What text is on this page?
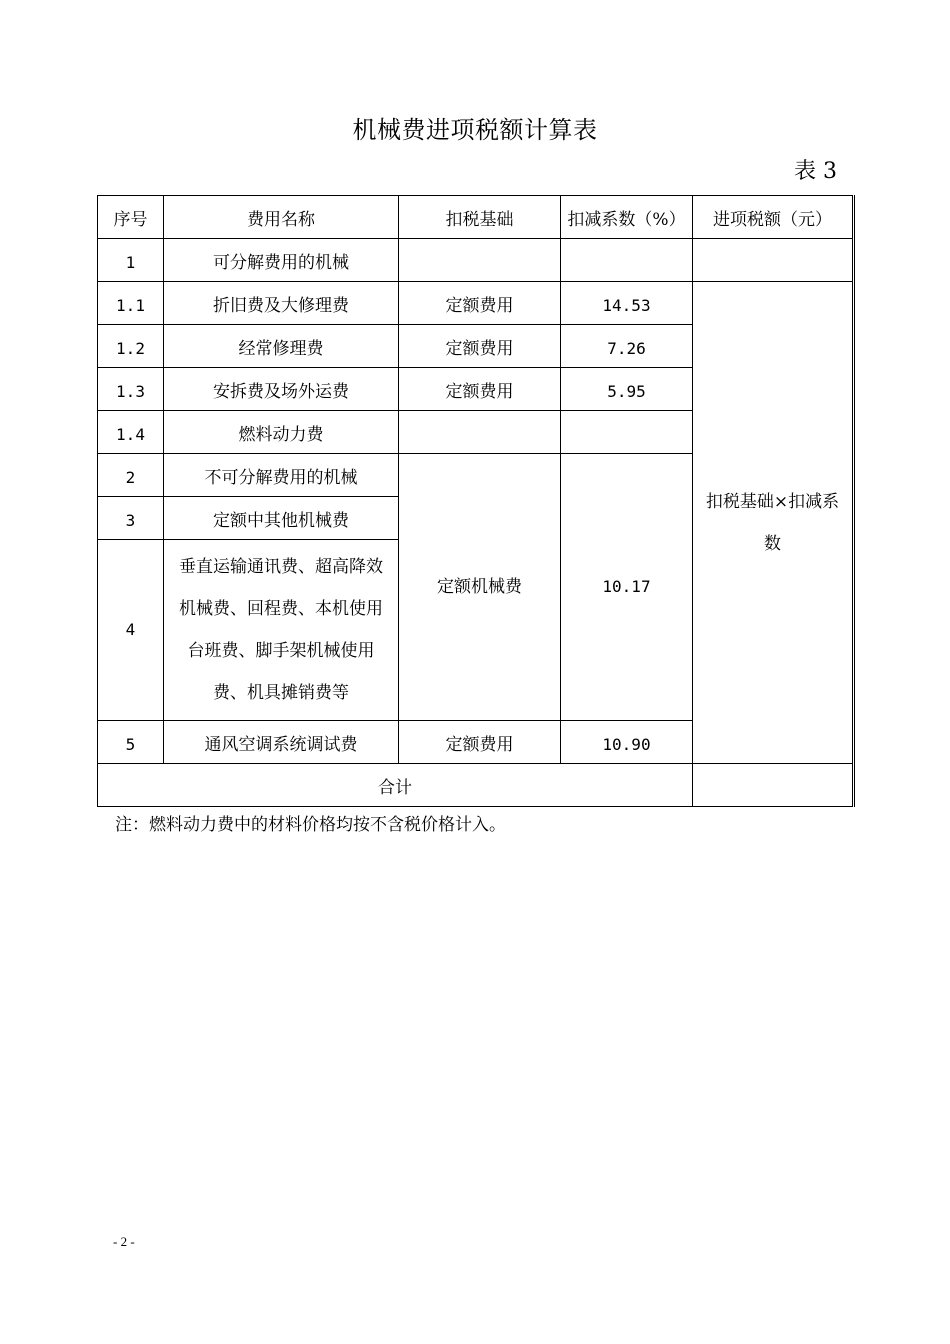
机械费进项税额计算表
表 3
序号	费用名称	扣税基础	扣减系数（%）	进项税额（元）
1	可分解费用的机械			
1.1	折旧费及大修理费	定额费用	14.53	扣税基础×扣减系数
1.2	经常修理费	定额费用	7.26	
1.3	安拆费及场外运费	定额费用	5.95	
1.4	燃料动力费			
2	不可分解费用的机械	定额机械费	10.17	
3	定额中其他机械费			
4	垂直运输通讯费、超高降效机械费、回程费、本机使用台班费、脚手架机械使用费、机具摊销费等			
5	通风空调系统调试费	定额费用	10.90	
合计				
注：燃料动力费中的材料价格均按不含税价格计入。
- 2 -
